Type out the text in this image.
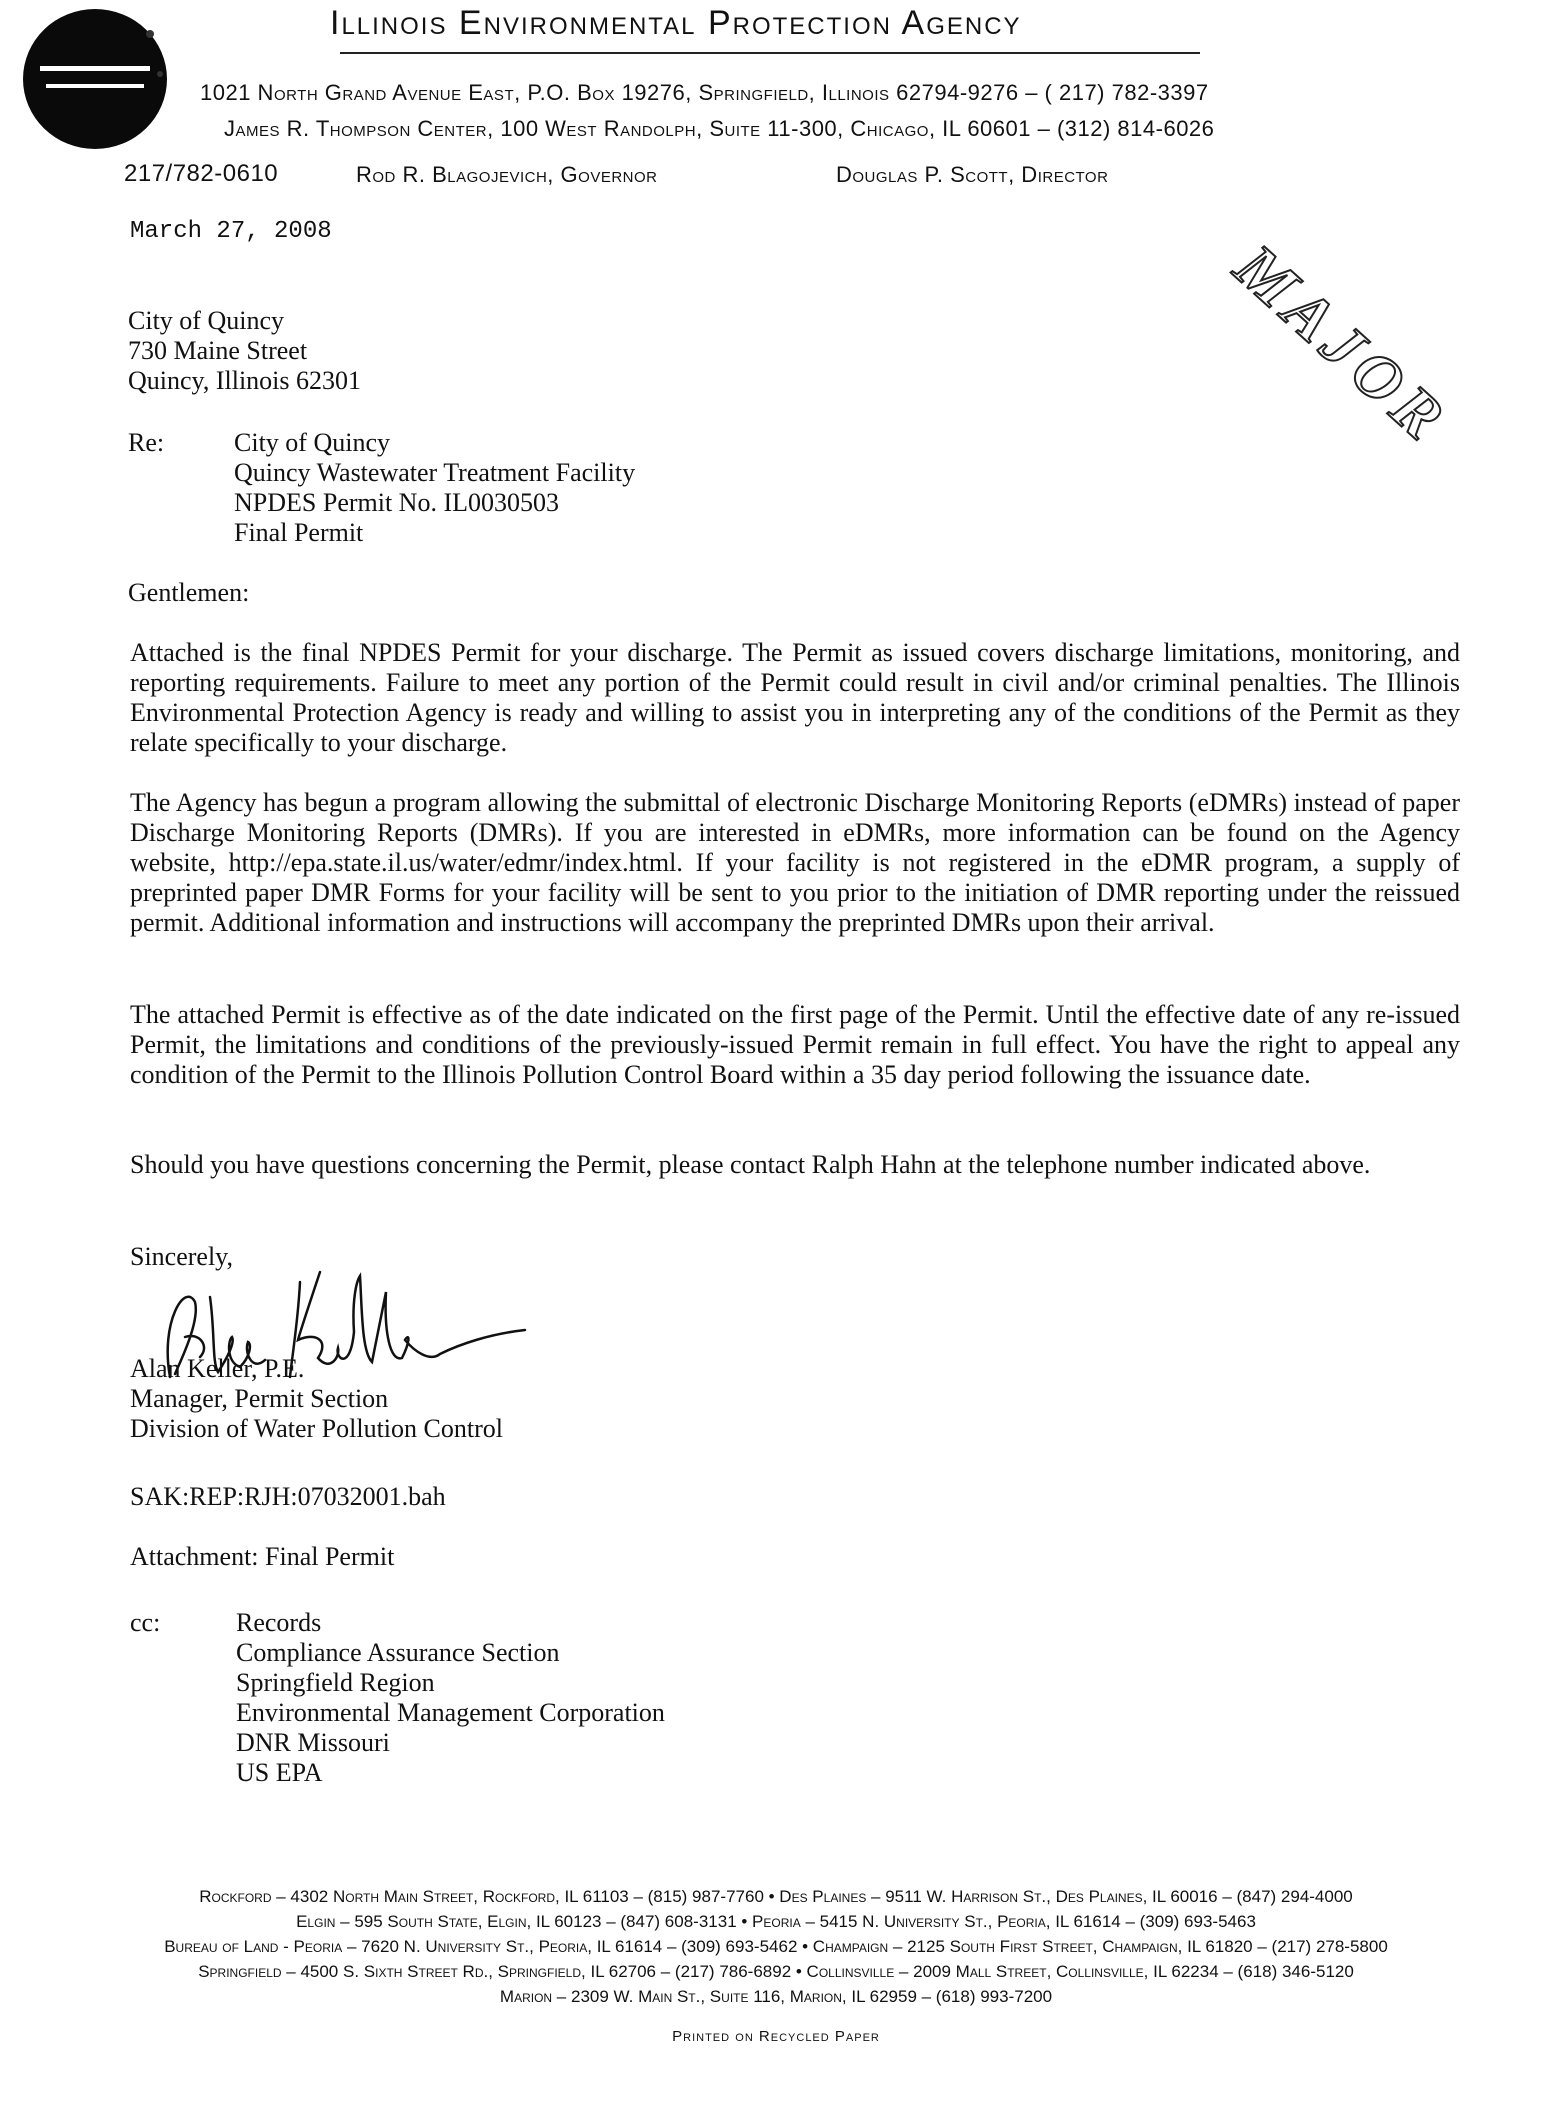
Illinois Environmental Protection Agency
1021 North Grand Avenue East, P.O. Box 19276, Springfield, Illinois 62794-9276 – ( 217) 782-3397
James R. Thompson Center, 100 West Randolph, Suite 11-300, Chicago, IL 60601 – (312) 814-6026
217/782-0610	Rod R. Blagojevich, Governor	Douglas P. Scott, Director
March 27, 2008	MAJOR
City of Quincy
730 Maine Street
Quincy, Illinois 62301
Re:	City of Quincy
Quincy Wastewater Treatment Facility
NPDES Permit No. IL0030503
Final Permit
Gentlemen:
Attached is the final NPDES Permit for your discharge. The Permit as issued covers discharge limitations, monitoring, and reporting requirements. Failure to meet any portion of the Permit could result in civil and/or criminal penalties. The Illinois Environmental Protection Agency is ready and willing to assist you in interpreting any of the conditions of the Permit as they relate specifically to your discharge.
The Agency has begun a program allowing the submittal of electronic Discharge Monitoring Reports (eDMRs) instead of paper Discharge Monitoring Reports (DMRs). If you are interested in eDMRs, more information can be found on the Agency website, http://epa.state.il.us/water/edmr/index.html. If your facility is not registered in the eDMR program, a supply of preprinted paper DMR Forms for your facility will be sent to you prior to the initiation of DMR reporting under the reissued permit. Additional information and instructions will accompany the preprinted DMRs upon their arrival.
The attached Permit is effective as of the date indicated on the first page of the Permit. Until the effective date of any re-issued Permit, the limitations and conditions of the previously-issued Permit remain in full effect. You have the right to appeal any condition of the Permit to the Illinois Pollution Control Board within a 35 day period following the issuance date.
Should you have questions concerning the Permit, please contact Ralph Hahn at the telephone number indicated above.
Sincerely,
Alan Keller, P.E.
Manager, Permit Section
Division of Water Pollution Control
SAK:REP:RJH:07032001.bah
Attachment: Final Permit
cc:	Records
Compliance Assurance Section
Springfield Region
Environmental Management Corporation
DNR Missouri
US EPA
Rockford – 4302 North Main Street, Rockford, IL 61103 – (815) 987-7760 • Des Plaines – 9511 W. Harrison St., Des Plaines, IL 60016 – (847) 294-4000
Elgin – 595 South State, Elgin, IL 60123 – (847) 608-3131 • Peoria – 5415 N. University St., Peoria, IL 61614 – (309) 693-5463
Bureau of Land - Peoria – 7620 N. University St., Peoria, IL 61614 – (309) 693-5462 • Champaign – 2125 South First Street, Champaign, IL 61820 – (217) 278-5800
Springfield – 4500 S. Sixth Street Rd., Springfield, IL 62706 – (217) 786-6892 • Collinsville – 2009 Mall Street, Collinsville, IL 62234 – (618) 346-5120
Marion – 2309 W. Main St., Suite 116, Marion, IL 62959 – (618) 993-7200
Printed on Recycled Paper
